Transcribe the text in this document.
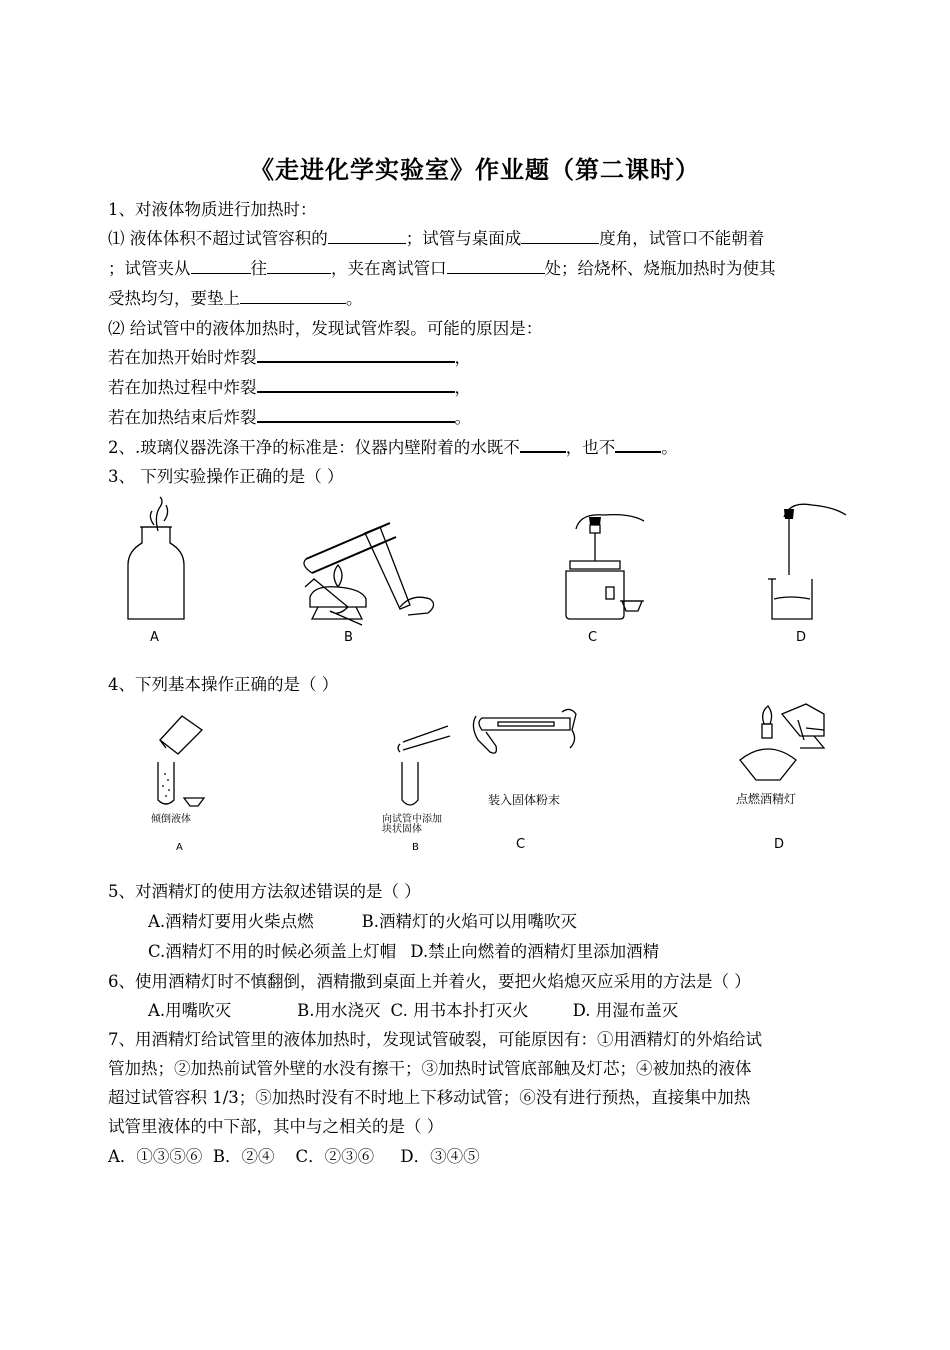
《走进化学实验室》作业题（第二课时）
1、对液体物质进行加热时：
⑴ 液体体积不超过试管容积的	；试管与桌面成	度角，试管口不能朝着
；试管夹从	往	，夹在离试管口	处；给烧杯、烧瓶加热时为使其
受热均匀，要垫上	。
⑵ 给试管中的液体加热时，发现试管炸裂。可能的原因是：
若在加热开始时炸裂	，
若在加热过程中炸裂	，
若在加热结束后炸裂	。
2、.玻璃仪器洗涤干净的标准是：仪器内壁附着的水既不	，也不	。
3、 下列实验操作正确的是（ ）
A	B	C	D
4、下列基本操作正确的是（ ）
倾倒液体
A
向试管中添加
块状固体
B
装入固体粉末
C
点燃酒精灯
D
5、对酒精灯的使用方法叙述错误的是（ ）
A.酒精灯要用火柴点燃	B.酒精灯的火焰可以用嘴吹灭
C.酒精灯不用的时候必须盖上灯帽 D.禁止向燃着的酒精灯里添加酒精
6、使用酒精灯时不慎翻倒，酒精撒到桌面上并着火，要把火焰熄灭应采用的方法是（ ）
A.用嘴吹灭	B.用水浇灭 C. 用书本扑打灭火	D. 用湿布盖灭
7、用酒精灯给试管里的液体加热时，发现试管破裂，可能原因有：①用酒精灯的外焰给试
管加热；②加热前试管外壁的水没有擦干；③加热时试管底部触及灯芯；④被加热的液体
超过试管容积 1/3；⑤加热时没有不时地上下移动试管；⑥没有进行预热，直接集中加热
试管里液体的中下部，其中与之相关的是（ ）
A．①③⑤⑥  B．②④    C．②③⑥     D．③④⑤
